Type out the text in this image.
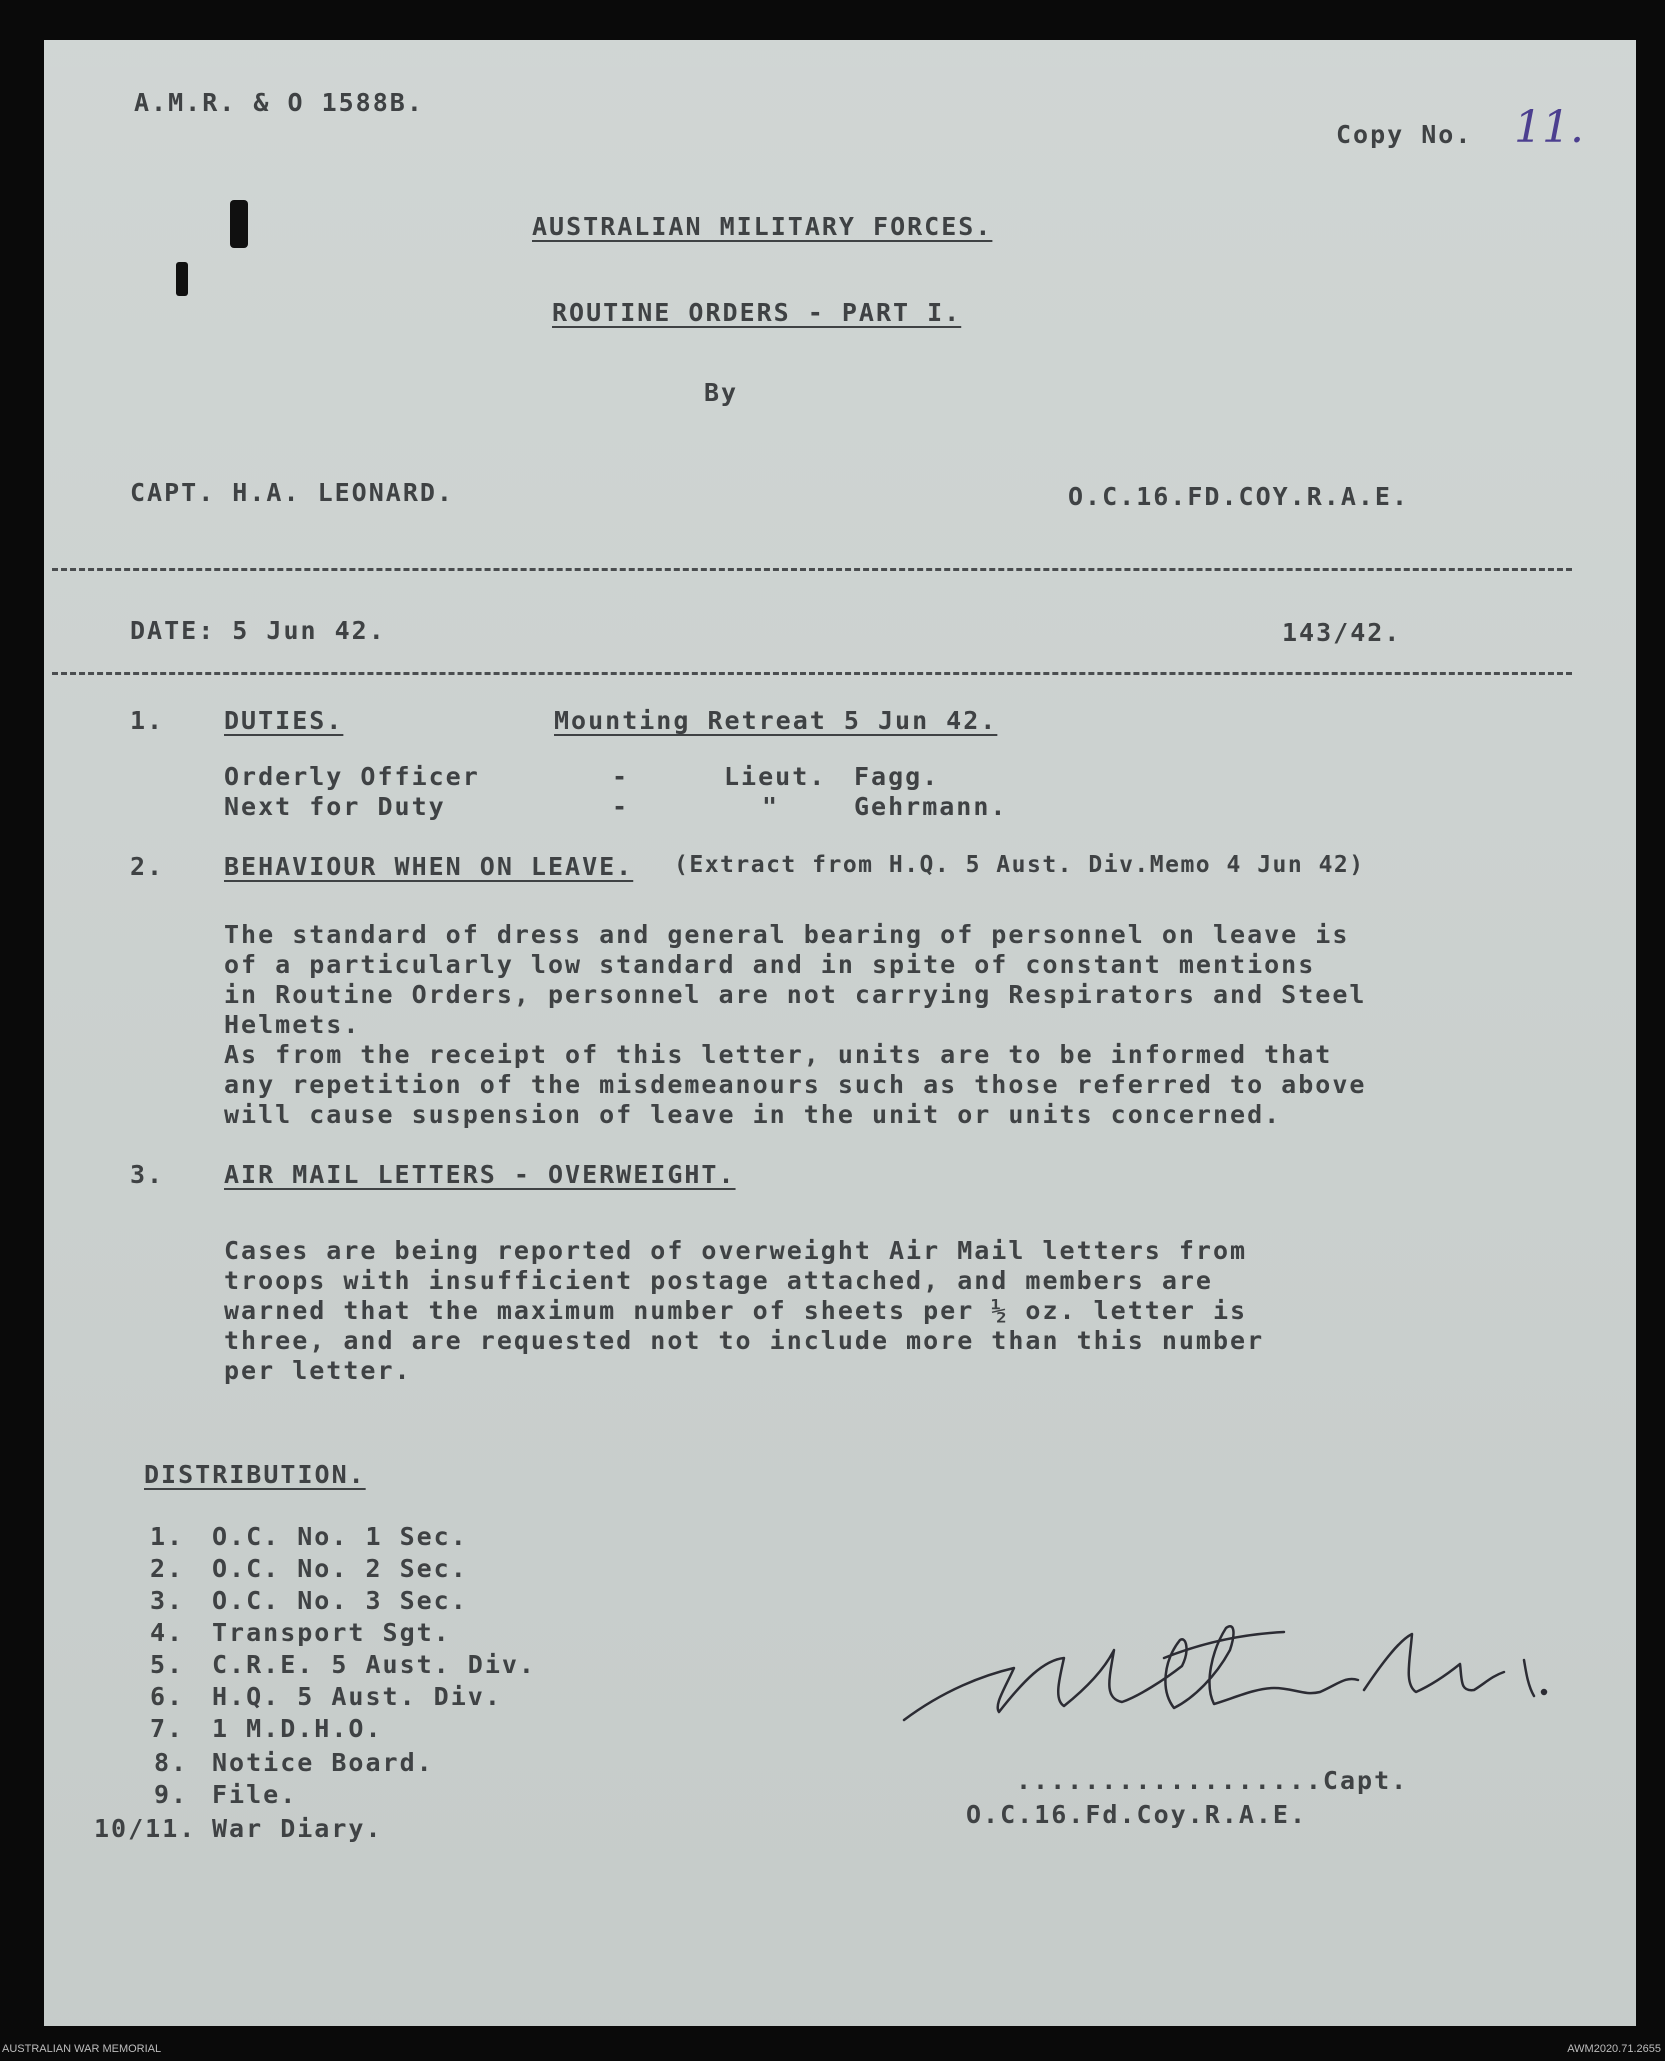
A.M.R. & O 1588B.
Copy No. 11.
AUSTRALIAN MILITARY FORCES.
ROUTINE ORDERS - PART I.
By
CAPT. H.A. LEONARD.	O.C.16.FD.COY.R.A.E.
DATE: 5 Jun 42.	143/42.
1. DUTIES.	Mounting Retreat 5 Jun 42.
Orderly Officer	-	Lieut. Fagg.
Next for Duty	-	"	Gehrmann.
2. BEHAVIOUR WHEN ON LEAVE. (Extract from H.Q. 5 Aust. Div.Memo 4 Jun 42)
The standard of dress and general bearing of personnel on leave is
of a particularly low standard and in spite of constant mentions
in Routine Orders, personnel are not carrying Respirators and Steel
Helmets.
As from the receipt of this letter, units are to be informed that
any repetition of the misdemeanours such as those referred to above
will cause suspension of leave in the unit or units concerned.
3. AIR MAIL LETTERS - OVERWEIGHT.
Cases are being reported of overweight Air Mail letters from
troops with insufficient postage attached, and members are
warned that the maximum number of sheets per ½ oz. letter is
three, and are requested not to include more than this number
per letter.
DISTRIBUTION.
1. O.C. No. 1 Sec.
2. O.C. No. 2 Sec.
3. O.C. No. 3 Sec.
4. Transport Sgt.
5. C.R.E. 5 Aust. Div.
6. H.Q. 5 Aust. Div.
7. 1 M.D.H.O.
8. Notice Board.
9. File.
10/11. War Diary.
..................Capt.
O.C.16.Fd.Coy.R.A.E.
AUSTRALIAN WAR MEMORIAL	AWM2020.71.2655
